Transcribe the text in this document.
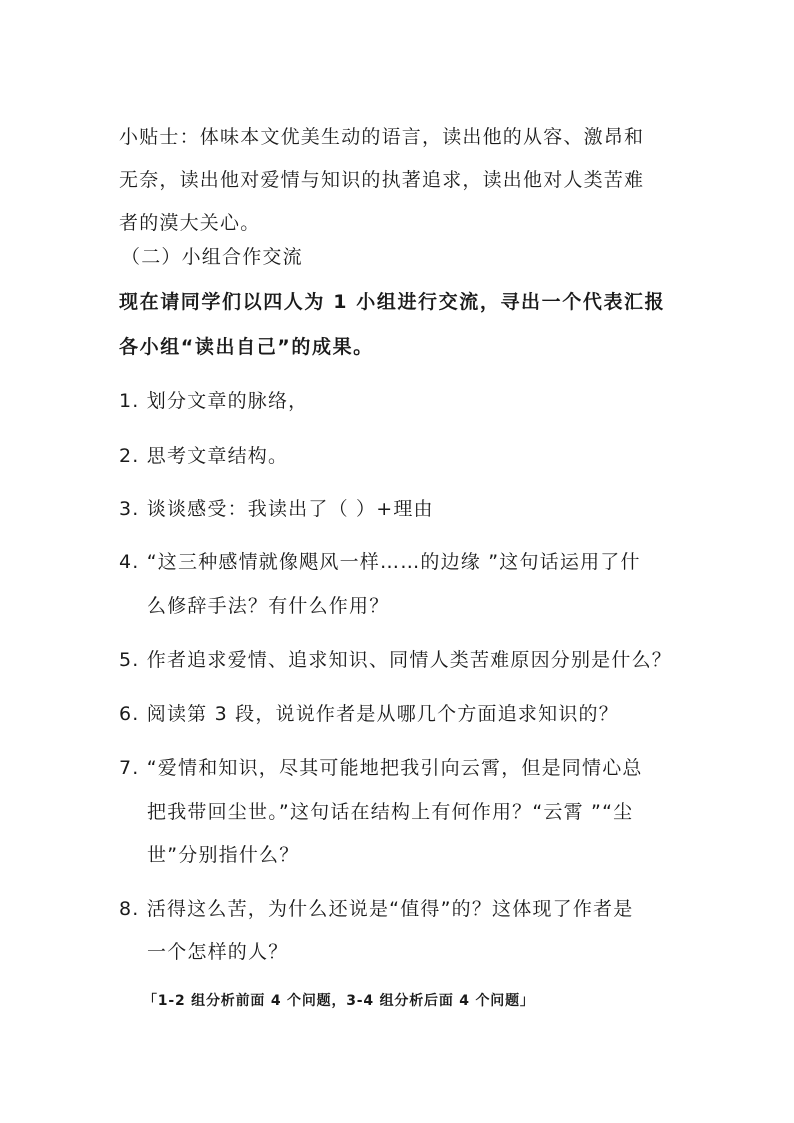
小贴士：体味本文优美生动的语言，读出他的从容、激昂和
无奈，读出他对爱情与知识的执著追求，读出他对人类苦难
者的漠大关心。
（二）小组合作交流
现在请同学们以四人为 1 小组进行交流，寻出一个代表汇报
各小组“读出自己”的成果。
1. 划分文章的脉络，
2. 思考文章结构。
3. 谈谈感受：我读出了（ ）+理由
4. “这三种感情就像飓风一样……的边缘 ”这句话运用了什
么修辞手法？有什么作用？
5. 作者追求爱情、追求知识、同情人类苦难原因分别是什么？
6. 阅读第 3 段，说说作者是从哪几个方面追求知识的？
7. “爱情和知识，尽其可能地把我引向云霄，但是同情心总
把我带回尘世。”这句话在结构上有何作用？“云霄 ”“尘
世”分别指什么？
8. 活得这么苦，为什么还说是“值得”的？这体现了作者是
一个怎样的人？
「1-2 组分析前面 4 个问题，3-4 组分析后面 4 个问题」
